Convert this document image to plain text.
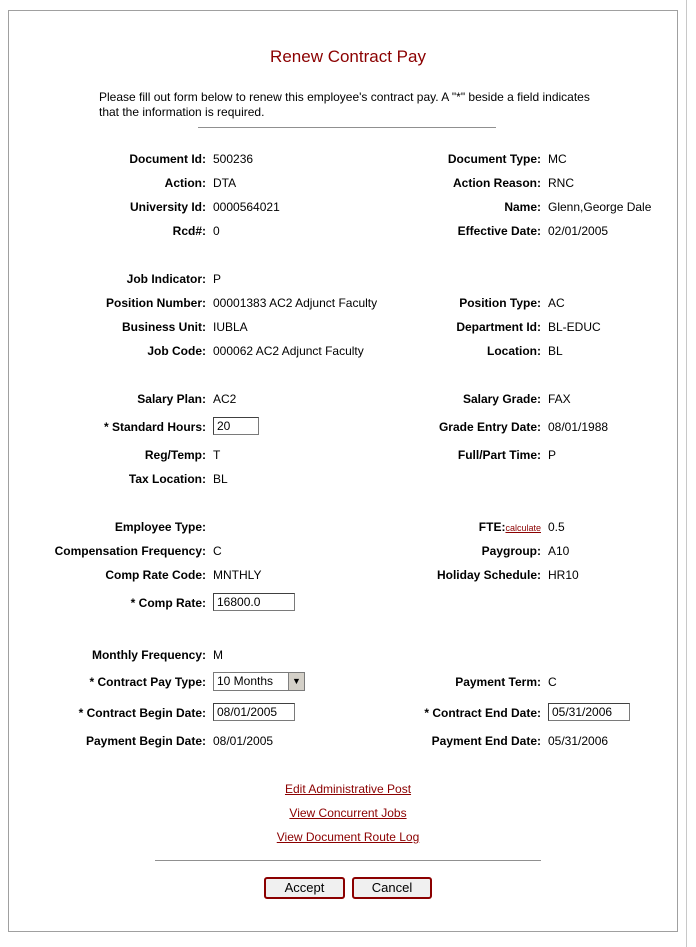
Renew Contract Pay
Please fill out form below to renew this employee's contract pay. A "*" beside a field indicates that the information is required.
Document Id: 500236	Document Type: MC
Action: DTA	Action Reason: RNC
University Id: 0000564021	Name: Glenn,George Dale
Rcd#: 0	Effective Date: 02/01/2005
Job Indicator: P
Position Number: 00001383 AC2 Adjunct Faculty	Position Type: AC
Business Unit: IUBLA	Department Id: BL-EDUC
Job Code: 000062 AC2 Adjunct Faculty	Location: BL
Salary Plan: AC2	Salary Grade: FAX
* Standard Hours: 20	Grade Entry Date: 08/01/1988
Reg/Temp: T	Full/Part Time: P
Tax Location: BL
Employee Type:	FTE:calculate 0.5
Compensation Frequency: C	Paygroup: A10
Comp Rate Code: MNTHLY	Holiday Schedule: HR10
* Comp Rate: 16800.0
Monthly Frequency: M
* Contract Pay Type: 10 Months	▼	Payment Term: C
* Contract Begin Date: 08/01/2005	* Contract End Date: 05/31/2006
Payment Begin Date: 08/01/2005	Payment End Date: 05/31/2006
Edit Administrative Post
View Concurrent Jobs
View Document Route Log
Accept	Cancel
